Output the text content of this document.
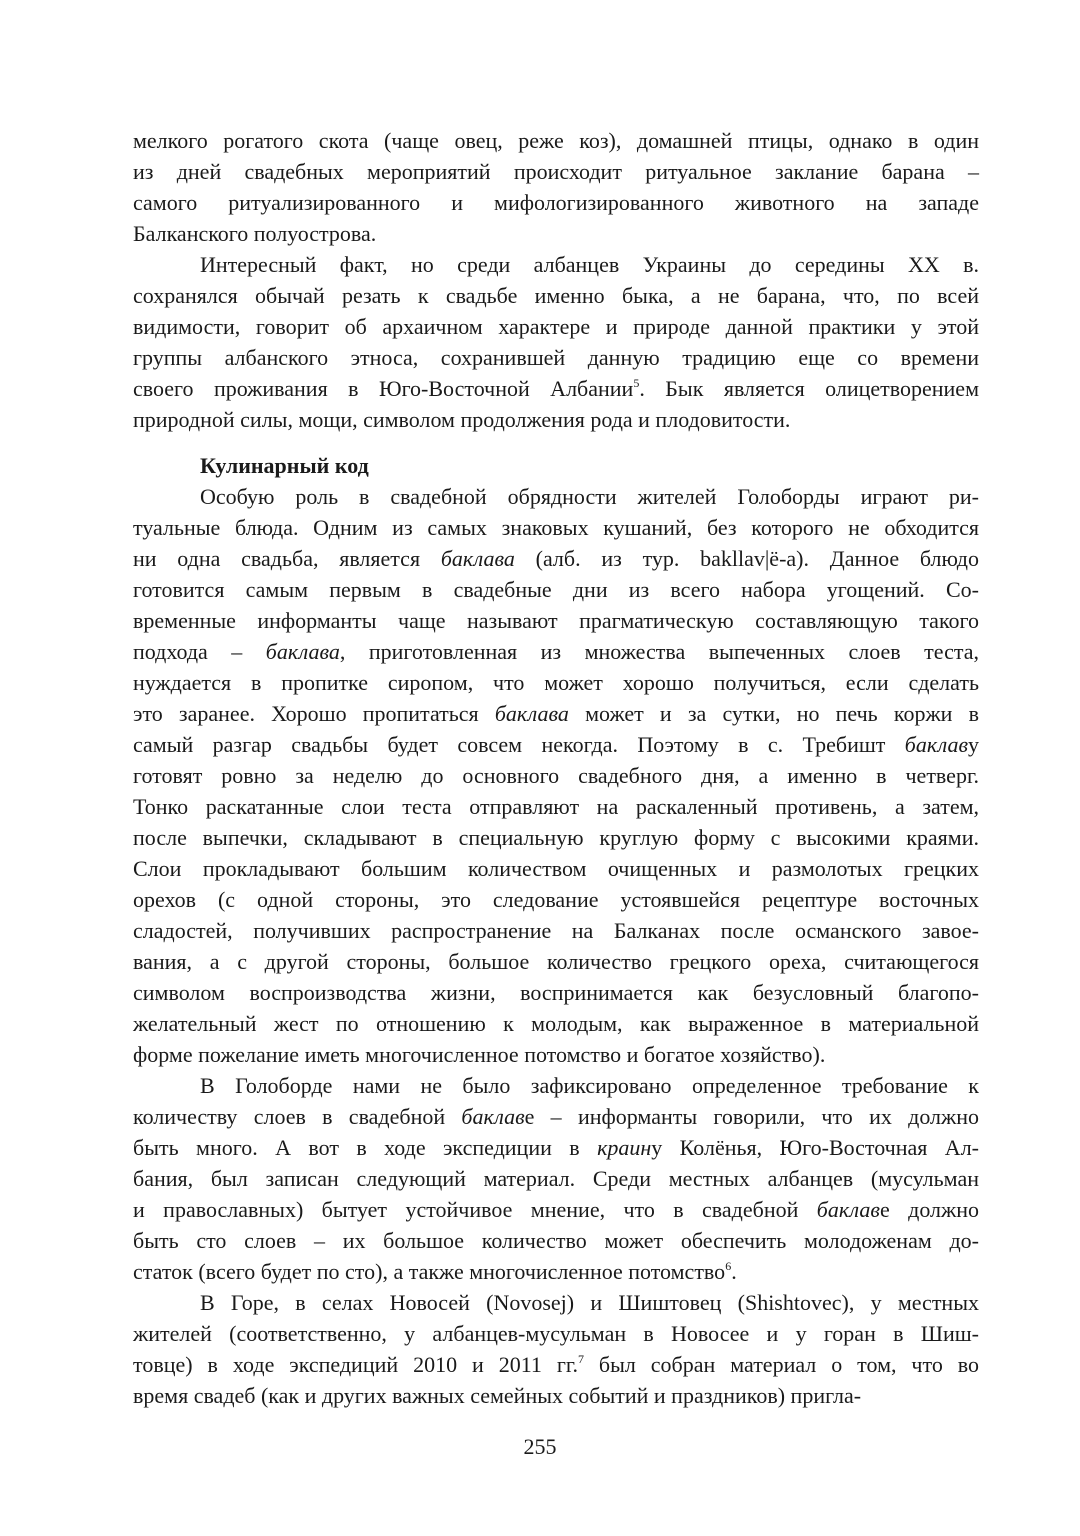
мелкого рогатого скота (чаще овец, реже коз), домашней птицы, однако в один
из дней свадебных мероприятий происходит ритуальное заклание барана –
самого ритуализированного и мифологизированного животного на западе
Балканского полуострова.
Интересный факт, но среди албанцев Украины до середины XX в.
сохранялся обычай резать к свадьбе именно быка, а не барана, что, по всей
видимости, говорит об архаичном характере и природе данной практики у этой
группы албанского этноса, сохранившей данную традицию еще со времени
своего проживания в Юго-Восточной Албании$^5$. Бык является олицетворением
природной силы, мощи, символом продолжения рода и плодовитости.
Кулинарный код
Особую роль в свадебной обрядности жителей Голоборды играют ри-
туальные блюда. Одним из самых знаковых кушаний, без которого не обходится
ни одна свадьба, является баклава (алб. из тур. bakllav|ë-a). Данное блюдо
готовится самым первым в свадебные дни из всего набора угощений. Со-
временные информанты чаще называют прагматическую составляющую такого
подхода – баклава, приготовленная из множества выпеченных слоев теста,
нуждается в пропитке сиропом, что может хорошо получиться, если сделать
это заранее. Хорошо пропитаться баклава может и за сутки, но печь коржи в
самый разгар свадьбы будет совсем некогда. Поэтому в с. Требишт баклаву
готовят ровно за неделю до основного свадебного дня, а именно в четверг.
Тонко раскатанные слои теста отправляют на раскаленный противень, а затем,
после выпечки, складывают в специальную круглую форму с высокими краями.
Слои прокладывают большим количеством очищенных и размолотых грецких
орехов (с одной стороны, это следование устоявшейся рецептуре восточных
сладостей, получивших распространение на Балканах после османского завое-
вания, а с другой стороны, большое количество грецкого ореха, считающегося
символом воспроизводства жизни, воспринимается как безусловный благопо-
желательный жест по отношению к молодым, как выраженное в материальной
форме пожелание иметь многочисленное потомство и богатое хозяйство).
В Голоборде нами не было зафиксировано определенное требование к
количеству слоев в свадебной баклаве – информанты говорили, что их должно
быть много. А вот в ходе экспедиции в краину Колёнья, Юго-Восточная Ал-
бания, был записан следующий материал. Среди местных албанцев (мусульман
и православных) бытует устойчивое мнение, что в свадебной баклаве должно
быть сто слоев – их большое количество может обеспечить молодоженам до-
статок (всего будет по сто), а также многочисленное потомство$^6$.
В Горе, в селах Новосей (Novosej) и Шиштовец (Shishtovec), у местных
жителей (соответственно, у албанцев-мусульман в Новосее и у горан в Шиш-
товце) в ходе экспедиций 2010 и 2011 гг.$^7$ был собран материал о том, что во
время свадеб (как и других важных семейных событий и праздников) пригла-
255
